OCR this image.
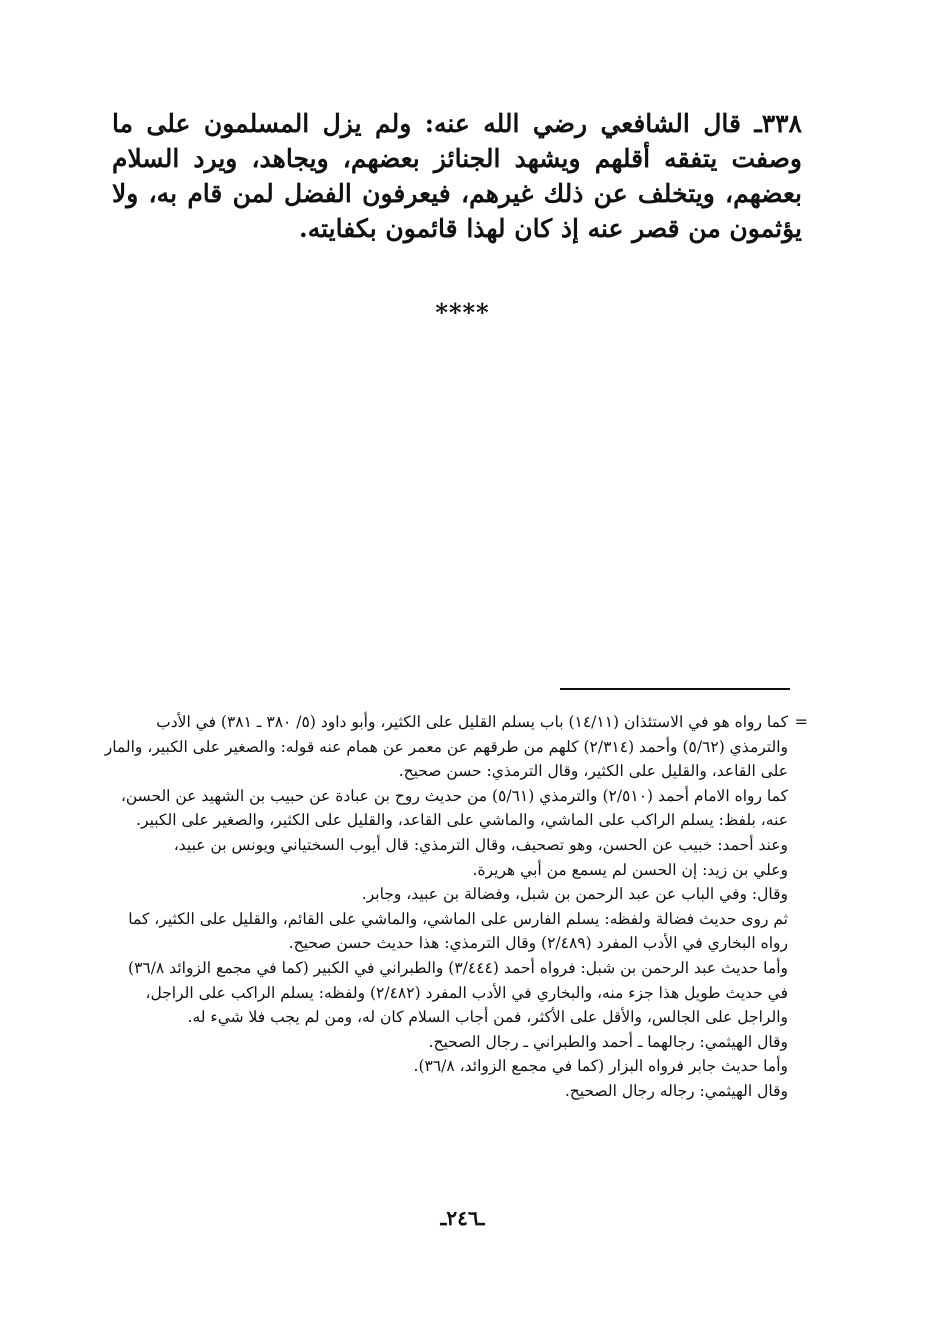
٣٣٨ـ قال الشافعي رضي الله عنه: ولم يزل المسلمون على ما وصفت يتفقه أقلهم ويشهد الجنائز بعضهم، ويجاهد، ويرد السلام بعضهم، ويتخلف عن ذلك غيرهم، فيعرفون الفضل لمن قام به، ولا يؤثمون من قصر عنه إذ كان لهذا قائمون بكفايته.
****
=
كما رواه هو في الاستئذان (١٤/١١) باب يسلم القليل على الكثير، وأبو داود (٥/ ٣٨٠ ـ ٣٨١) في الأدب
والترمذي (٥/٦٢) وأحمد (٢/٣١٤) كلهم من طرقهم عن معمر عن همام عنه قوله: والصغير على الكبير، والمار
على القاعد، والقليل على الكثير، وقال الترمذي: حسن صحيح.
كما رواه الامام أحمد (٢/٥١٠) والترمذي (٥/٦١) من حديث روح بن عبادة عن حبيب بن الشهيد عن الحسن،
عنه، بلفظ: يسلم الراكب على الماشي، والماشي على القاعد، والقليل على الكثير، والصغير على الكبير.
وعند أحمد: خبيب عن الحسن، وهو تصحيف، وقال الترمذي: قال أيوب السختياني ويونس بن عبيد،
وعلي بن زيد: إن الحسن لم يسمع من أبي هريرة.
وقال: وفي الباب عن عبد الرحمن بن شبل، وفضالة بن عبيد، وجابر.
ثم روى حديث فضالة ولفظه: يسلم الفارس على الماشي، والماشي على القائم، والقليل على الكثير، كما
رواه البخاري في الأدب المفرد (٢/٤٨٩) وقال الترمذي: هذا حديث حسن صحيح.
وأما حديث عبد الرحمن بن شبل: فرواه أحمد (٣/٤٤٤) والطبراني في الكبير (كما في مجمع الزوائد ٣٦/٨)
في حديث طويل هذا جزء منه، والبخاري في الأدب المفرد (٢/٤٨٢) ولفظه: يسلم الراكب على الراجل،
والراجل على الجالس، والأقل على الأكثر، فمن أجاب السلام كان له، ومن لم يجب فلا شيء له.
وقال الهيثمي: رجالهما ـ أحمد والطبراني ـ رجال الصحيح.
وأما حديث جابر فرواه البزار (كما في مجمع الزوائد، ٣٦/٨).
وقال الهيثمي: رجاله رجال الصحيح.
ـ٢٤٦ـ
